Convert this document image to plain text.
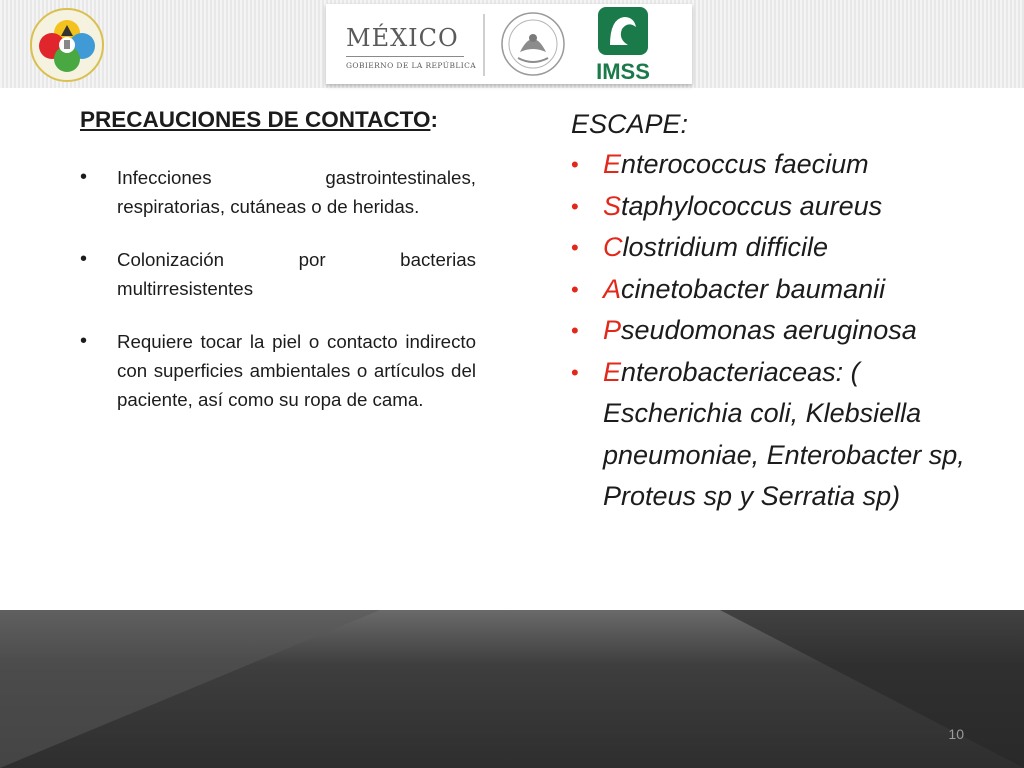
MÉXICO
GOBIERNO DE LA REPÚBLICA	IMSS
PRECAUCIONES DE CONTACTO:
• Infecciones gastrointestinales, respiratorias, cutáneas o de heridas.
• Colonización por bacterias multirresistentes
• Requiere tocar la piel o contacto indirecto con superficies ambientales o artículos del paciente, así como su ropa de cama.
ESCAPE:
• Enterococcus faecium
• Staphylococcus aureus
• Clostridium difficile
• Acinetobacter baumanii
• Pseudomonas aeruginosa
• Enterobacteriaceas: ( Escherichia coli, Klebsiella pneumoniae, Enterobacter sp, Proteus sp y Serratia sp)
10
